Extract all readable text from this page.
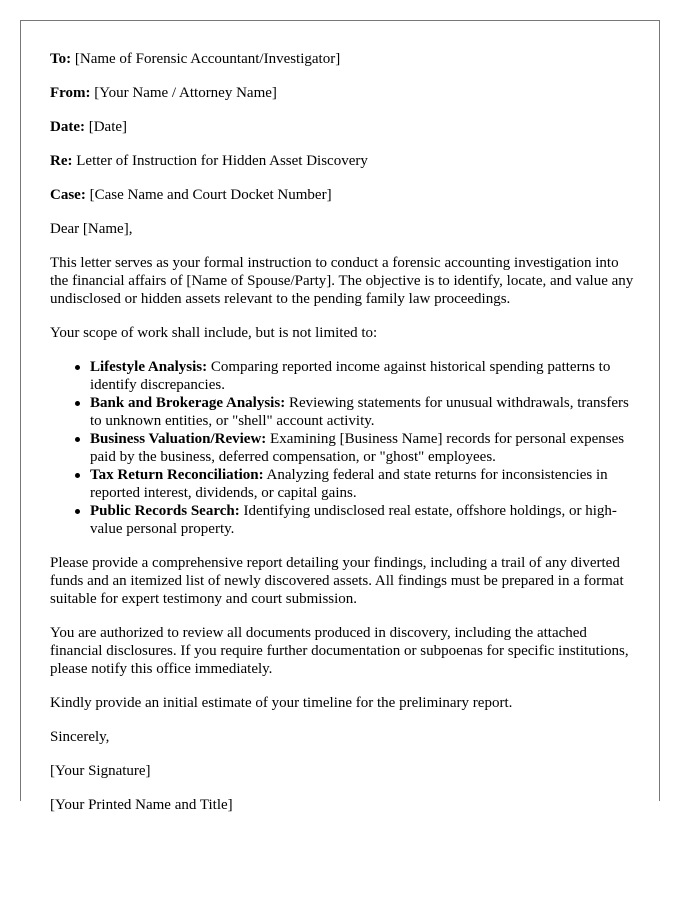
To: [Name of Forensic Accountant/Investigator]

From: [Your Name / Attorney Name]

Date: [Date]

Re: Letter of Instruction for Hidden Asset Discovery

Case: [Case Name and Court Docket Number]

Dear [Name],

This letter serves as your formal instruction to conduct a forensic accounting investigation into the financial affairs of [Name of Spouse/Party]. The objective is to identify, locate, and value any undisclosed or hidden assets relevant to the pending family law proceedings.

Your scope of work shall include, but is not limited to:

Lifestyle Analysis: Comparing reported income against historical spending patterns to identify discrepancies.
Bank and Brokerage Analysis: Reviewing statements for unusual withdrawals, transfers to unknown entities, or "shell" account activity.
Business Valuation/Review: Examining [Business Name] records for personal expenses paid by the business, deferred compensation, or "ghost" employees.
Tax Return Reconciliation: Analyzing federal and state returns for inconsistencies in reported interest, dividends, or capital gains.
Public Records Search: Identifying undisclosed real estate, offshore holdings, or high-value personal property.

Please provide a comprehensive report detailing your findings, including a trail of any diverted funds and an itemized list of newly discovered assets. All findings must be prepared in a format suitable for expert testimony and court submission.

You are authorized to review all documents produced in discovery, including the attached financial disclosures. If you require further documentation or subpoenas for specific institutions, please notify this office immediately.

Kindly provide an initial estimate of your timeline for the preliminary report.

Sincerely,

[Your Signature]

[Your Printed Name and Title]
